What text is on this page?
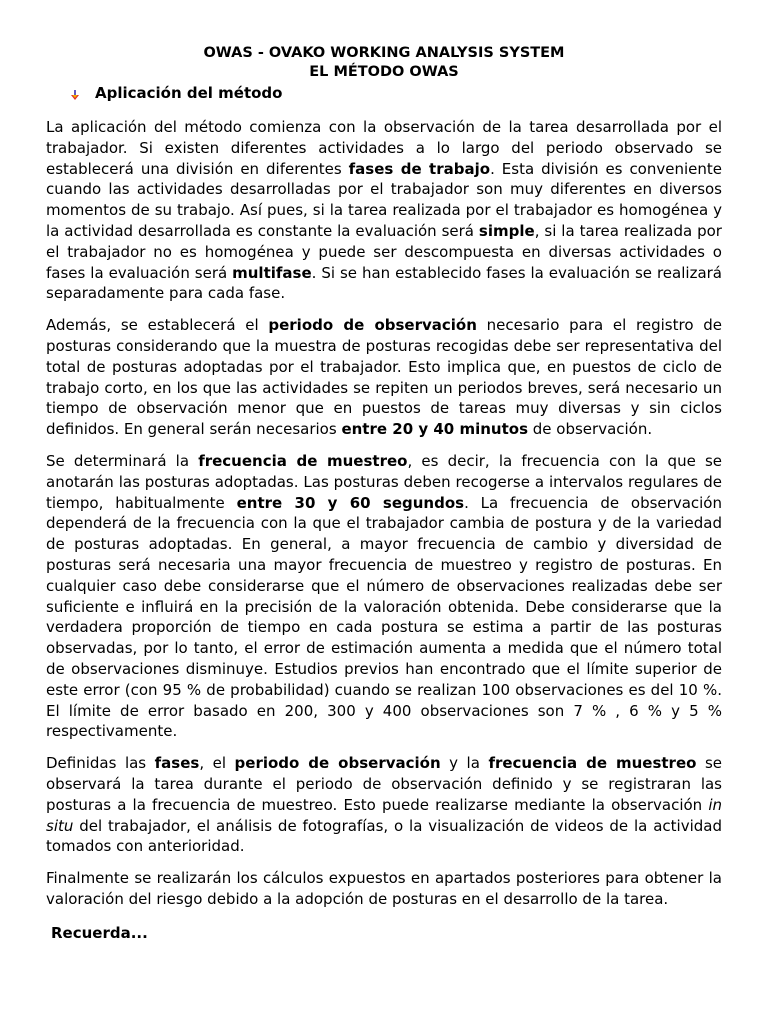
OWAS - OVAKO WORKING ANALYSIS SYSTEM
EL MÉTODO OWAS
Aplicación del método

La aplicación del método comienza con la observación de la tarea desarrollada por el trabajador. Si existen diferentes actividades a lo largo del periodo observado se establecerá una división en diferentes fases de trabajo. Esta división es conveniente cuando las actividades desarrolladas por el trabajador son muy diferentes en diversos momentos de su trabajo. Así pues, si la tarea realizada por el trabajador es homogénea y la actividad desarrollada es constante la evaluación será simple, si la tarea realizada por el trabajador no es homogénea y puede ser descompuesta en diversas actividades o fases la evaluación será multifase. Si se han establecido fases la evaluación se realizará separadamente para cada fase.

Además, se establecerá el periodo de observación necesario para el registro de posturas considerando que la muestra de posturas recogidas debe ser representativa del total de posturas adoptadas por el trabajador. Esto implica que, en puestos de ciclo de trabajo corto, en los que las actividades se repiten un periodos breves, será necesario un tiempo de observación menor que en puestos de tareas muy diversas y sin ciclos definidos. En general serán necesarios entre 20 y 40 minutos de observación.

Se determinará la frecuencia de muestreo, es decir, la frecuencia con la que se anotarán las posturas adoptadas. Las posturas deben recogerse a intervalos regulares de tiempo, habitualmente entre 30 y 60 segundos. La frecuencia de observación dependerá de la frecuencia con la que el trabajador cambia de postura y de la variedad de posturas adoptadas. En general, a mayor frecuencia de cambio y diversidad de posturas será necesaria una mayor frecuencia de muestreo y registro de posturas. En cualquier caso debe considerarse que el número de observaciones realizadas debe ser suficiente e influirá en la precisión de la valoración obtenida. Debe considerarse que la verdadera proporción de tiempo en cada postura se estima a partir de las posturas observadas, por lo tanto, el error de estimación aumenta a medida que el número total de observaciones disminuye. Estudios previos han encontrado que el límite superior de este error (con 95 % de probabilidad) cuando se realizan 100 observaciones es del 10 %. El límite de error basado en 200, 300 y 400 observaciones son 7 % , 6 % y 5 % respectivamente.

Definidas las fases, el periodo de observación y la frecuencia de muestreo se observará la tarea durante el periodo de observación definido y se registraran las posturas a la frecuencia de muestreo. Esto puede realizarse mediante la observación in situ del trabajador, el análisis de fotografías, o la visualización de videos de la actividad tomados con anterioridad.

Finalmente se realizarán los cálculos expuestos en apartados posteriores para obtener la valoración del riesgo debido a la adopción de posturas en el desarrollo de la tarea.

Recuerda...
